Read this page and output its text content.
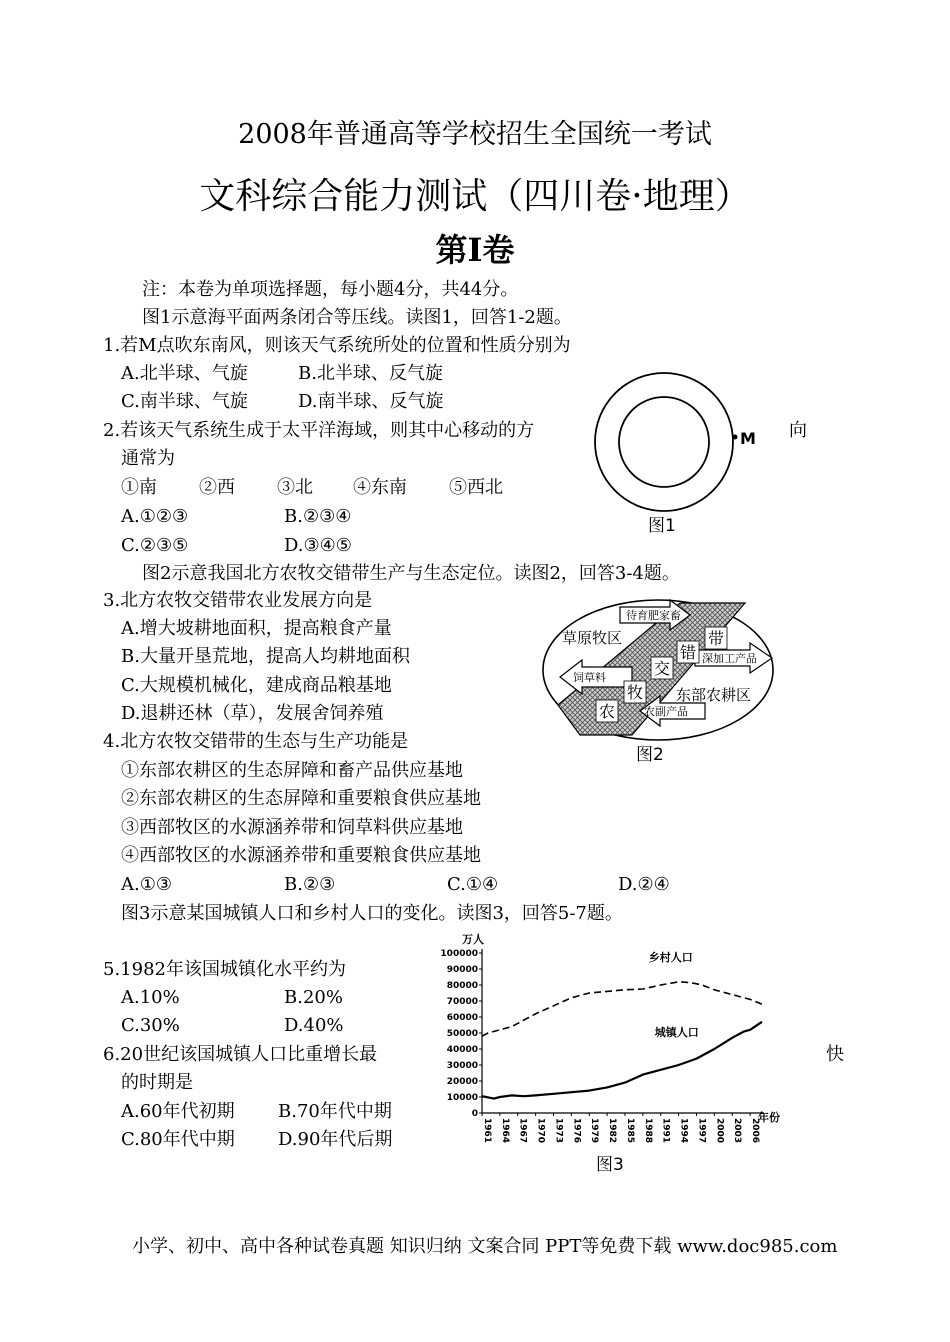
2008年普通高等学校招生全国统一考试
文科综合能力测试（四川卷·地理）
第I卷
注：本卷为单项选择题，每小题4分，共44分。
图1示意海平面两条闭合等压线。读图1，回答1-2题。
1.若M点吹东南风，则该天气系统所处的位置和性质分别为
A.北半球、气旋	B.北半球、反气旋
C.南半球、气旋	D.南半球、反气旋
2.若该天气系统生成于太平洋海域，则其中心移动的方	向
通常为
①南 ②西 ③北 ④东南 ⑤西北
A.①②③	B.②③④
C.②③⑤	D.③④⑤
M
图1
图2示意我国北方农牧交错带生产与生态定位。读图2，回答3-4题。
3.北方农牧交错带农业发展方向是
A.增大坡耕地面积，提高粮食产量
B.大量开垦荒地，提高人均耕地面积
C.大规模机械化，建成商品粮基地
D.退耕还林（草），发展舍饲养殖
待育肥家畜
深加工产品
饲草料
农副产品
草原牧区
东部农耕区
农
牧
交
错
带
图2
4.北方农牧交错带的生态与生产功能是
①东部农耕区的生态屏障和畜产品供应基地
②东部农耕区的生态屏障和重要粮食供应基地
③西部牧区的水源涵养带和饲草料供应基地
④西部牧区的水源涵养带和重要粮食供应基地
A.①③	B.②③	C.①④	D.②④
图3示意某国城镇人口和乡村人口的变化。读图3，回答5-7题。
5.1982年该国城镇化水平约为
A.10%	B.20%
C.30%	D.40%
6.20世纪该国城镇人口比重增长最	快
的时期是
A.60年代初期 B.70年代中期
C.80年代中期 D.90年代后期
0
10000
20000
30000
40000
50000
60000
70000
80000
90000
100000
万人
1961 1964 1967 1970 1973 1976 1979 1982 1985 1988 1991 1994 1997 2000 2003 2006
年份
乡村人口
城镇人口
图3
小学、初中、高中各种试卷真题 知识归纳 文案合同 PPT等免费下载 www.doc985.com
